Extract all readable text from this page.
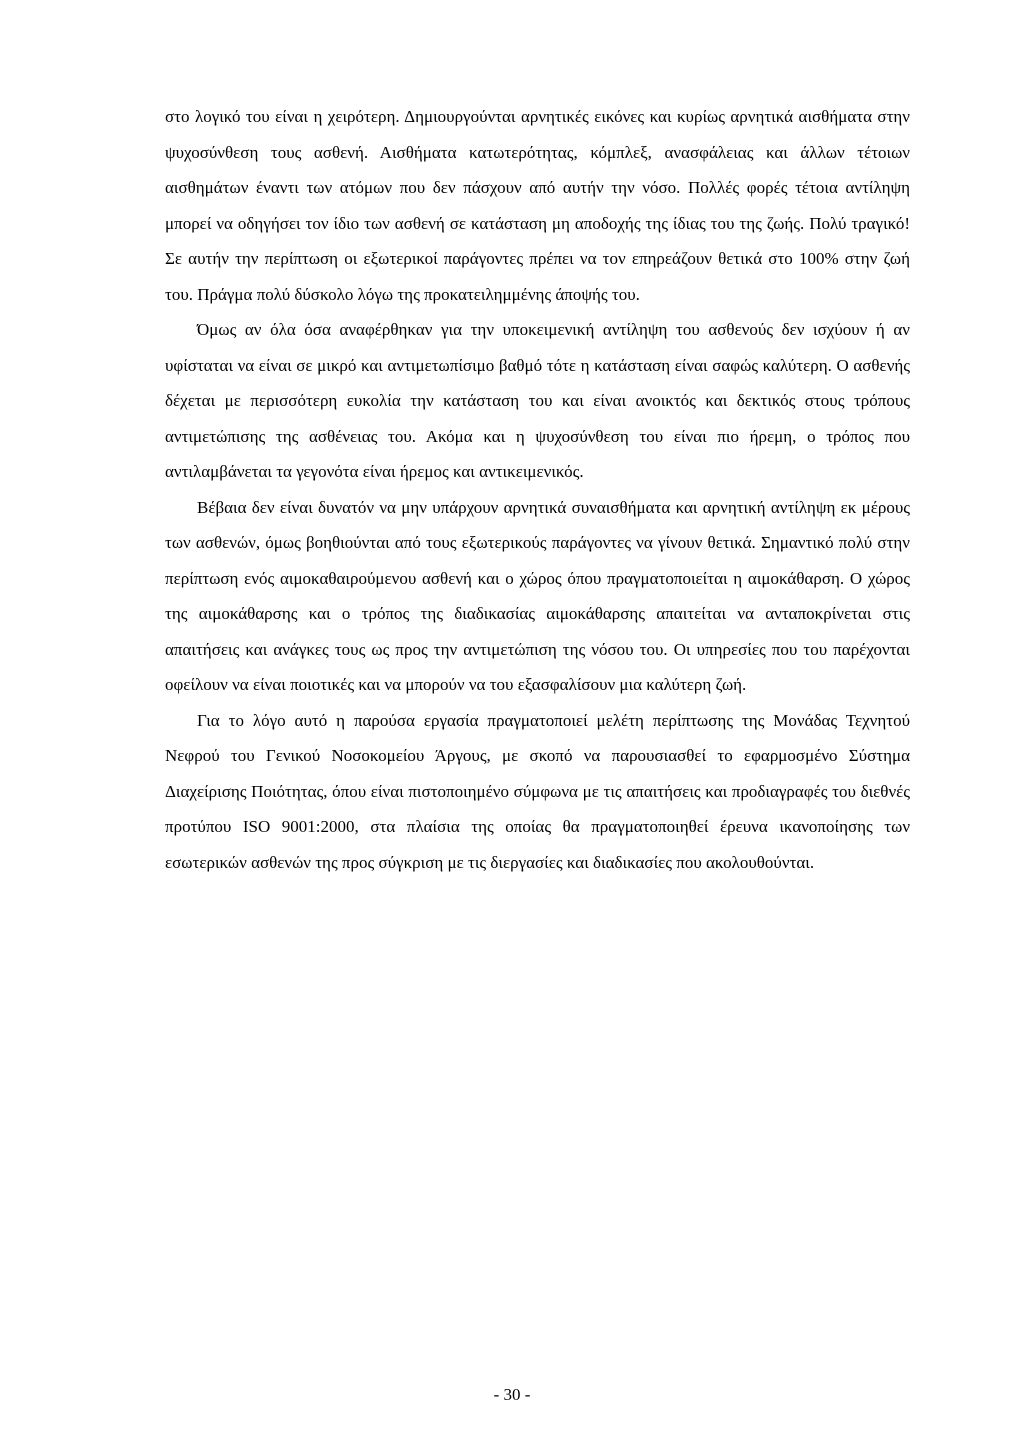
στο λογικό του είναι η χειρότερη. Δημιουργούνται αρνητικές εικόνες και κυρίως αρνητικά αισθήματα στην ψυχοσύνθεση τους ασθενή. Αισθήματα κατωτερότητας, κόμπλεξ, ανασφάλειας και άλλων τέτοιων αισθημάτων έναντι των ατόμων που δεν πάσχουν από αυτήν την νόσο. Πολλές φορές τέτοια αντίληψη μπορεί να οδηγήσει τον ίδιο των ασθενή σε κατάσταση μη αποδοχής της ίδιας του της ζωής. Πολύ τραγικό! Σε αυτήν την περίπτωση οι εξωτερικοί παράγοντες πρέπει να τον επηρεάζουν θετικά στο 100% στην ζωή του. Πράγμα πολύ δύσκολο λόγω της προκατειλημμένης άποψής του.

Όμως αν όλα όσα αναφέρθηκαν για την υποκειμενική αντίληψη του ασθενούς δεν ισχύουν ή αν υφίσταται να είναι σε μικρό και αντιμετωπίσιμο βαθμό τότε η κατάσταση είναι σαφώς καλύτερη. Ο ασθενής δέχεται με περισσότερη ευκολία την κατάσταση του και είναι ανοικτός και δεκτικός στους τρόπους αντιμετώπισης της ασθένειας του. Ακόμα και η ψυχοσύνθεση του είναι πιο ήρεμη, ο τρόπος που αντιλαμβάνεται τα γεγονότα είναι ήρεμος και αντικειμενικός.

Βέβαια δεν είναι δυνατόν να μην υπάρχουν αρνητικά συναισθήματα και αρνητική αντίληψη εκ μέρους των ασθενών, όμως βοηθιούνται από τους εξωτερικούς παράγοντες να γίνουν θετικά. Σημαντικό πολύ στην περίπτωση ενός αιμοκαθαιρούμενου ασθενή και ο χώρος όπου πραγματοποιείται η αιμοκάθαρση. Ο χώρος της αιμοκάθαρσης και ο τρόπος της διαδικασίας αιμοκάθαρσης απαιτείται να ανταποκρίνεται στις απαιτήσεις και ανάγκες τους ως προς την αντιμετώπιση της νόσου του. Οι υπηρεσίες που του παρέχονται οφείλουν να είναι ποιοτικές και να μπορούν να του εξασφαλίσουν μια καλύτερη ζωή.

Για το λόγο αυτό η παρούσα εργασία πραγματοποιεί μελέτη περίπτωσης της Μονάδας Τεχνητού Νεφρού του Γενικού Νοσοκομείου Άργους, με σκοπό να παρουσιασθεί το εφαρμοσμένο Σύστημα Διαχείρισης Ποιότητας, όπου είναι πιστοποιημένο σύμφωνα με τις απαιτήσεις και προδιαγραφές του διεθνές προτύπου ISO 9001:2000, στα πλαίσια της οποίας θα πραγματοποιηθεί έρευνα ικανοποίησης των εσωτερικών ασθενών της προς σύγκριση με τις διεργασίες και διαδικασίες που ακολουθούνται.

- 30 -
